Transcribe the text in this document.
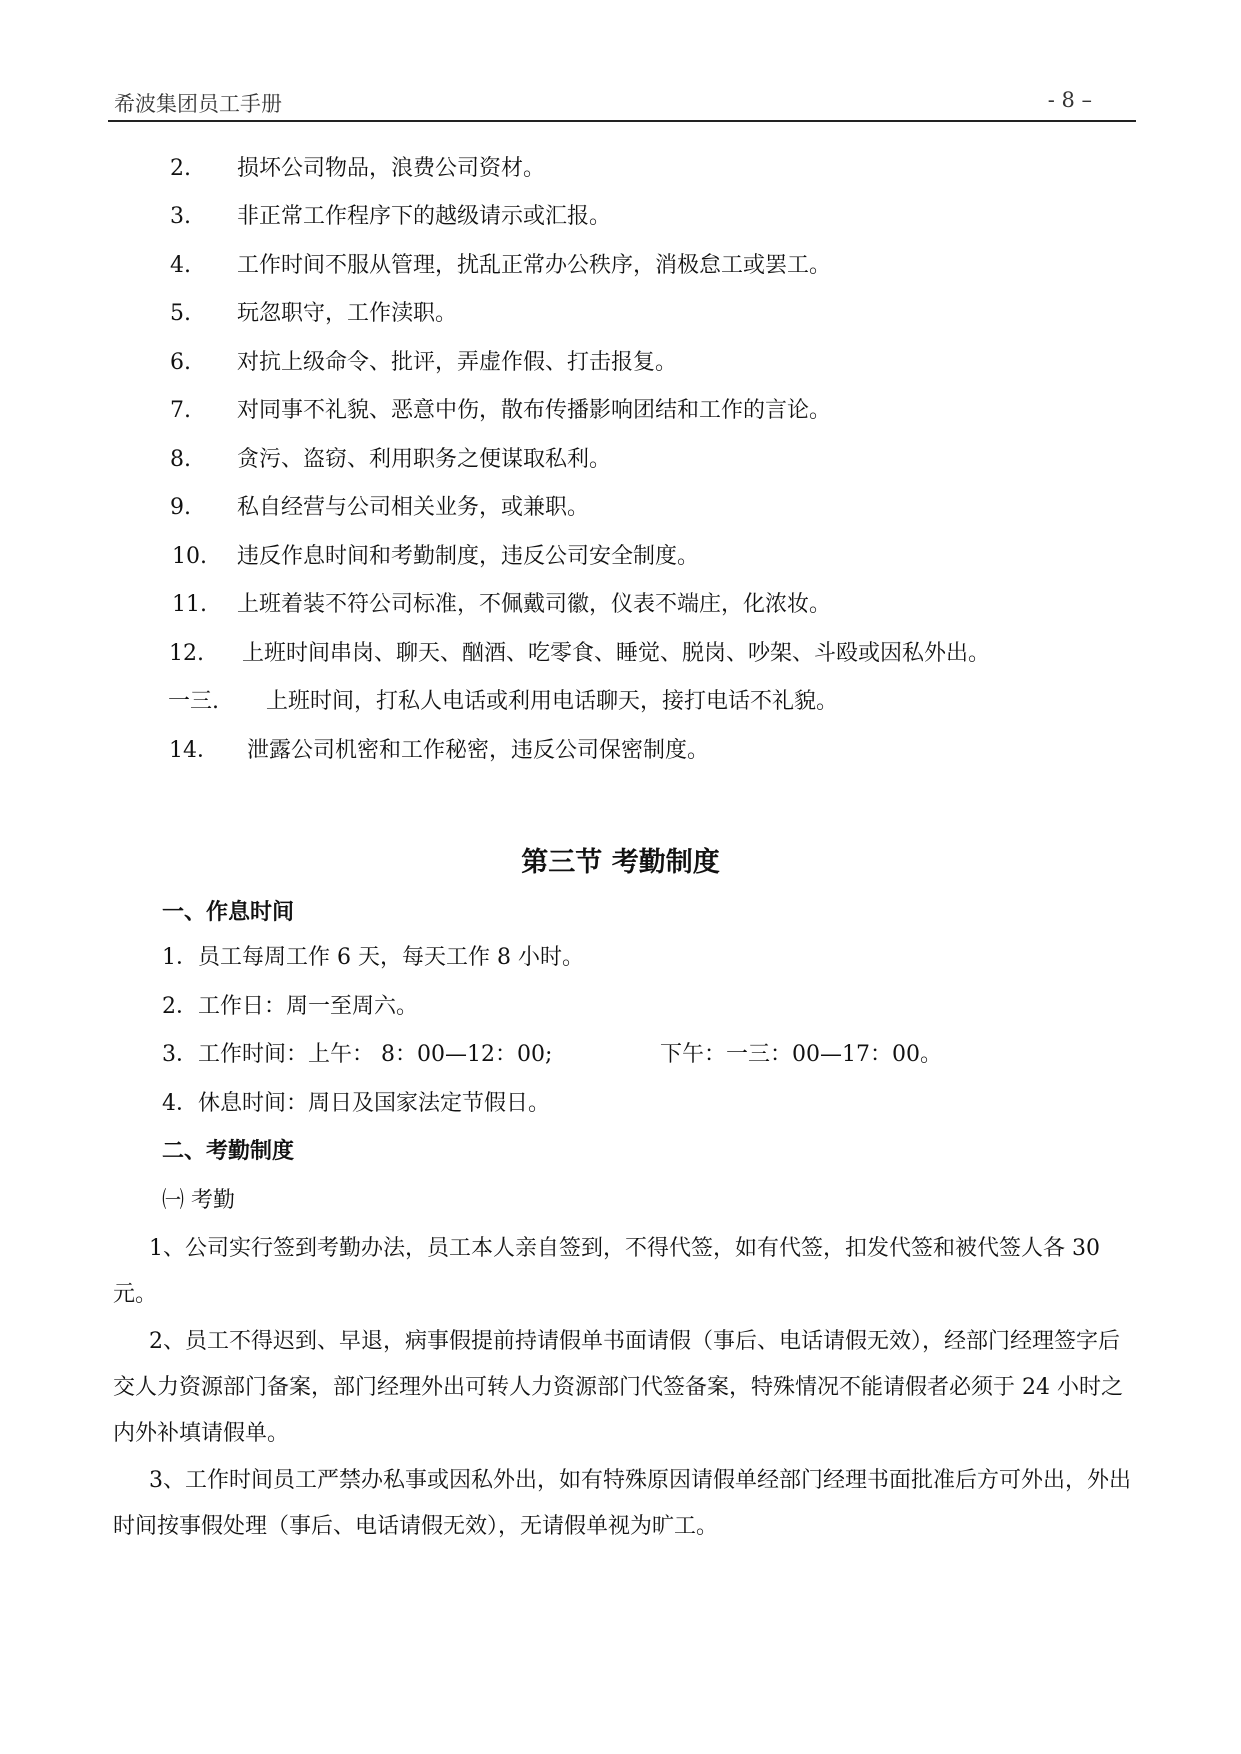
希波集团员工手册	- 8 –
2. 损坏公司物品，浪费公司资材。
3. 非正常工作程序下的越级请示或汇报。
4. 工作时间不服从管理，扰乱正常办公秩序，消极怠工或罢工。
5. 玩忽职守，工作渎职。
6. 对抗上级命令、批评，弄虚作假、打击报复。
7. 对同事不礼貌、恶意中伤，散布传播影响团结和工作的言论。
8. 贪污、盗窃、利用职务之便谋取私利。
9. 私自经营与公司相关业务，或兼职。
10. 违反作息时间和考勤制度，违反公司安全制度。
11. 上班着装不符公司标准，不佩戴司徽，仪表不端庄，化浓妆。
12. 上班时间串岗、聊天、酗酒、吃零食、睡觉、脱岗、吵架、斗殴或因私外出。
一三. 上班时间，打私人电话或利用电话聊天，接打电话不礼貌。
14． 泄露公司机密和工作秘密，违反公司保密制度。
第三节 考勤制度
一、作息时间
1．员工每周工作 6 天，每天工作 8 小时。
2．工作日：周一至周六。
3．工作时间：上午： 8：00—12：00;	下午：一三：00—17：00。
4．休息时间：周日及国家法定节假日。
二、考勤制度
㈠ 考勤
1、公司实行签到考勤办法，员工本人亲自签到，不得代签，如有代签，扣发代签和被代签人各 30 元。
2、员工不得迟到、早退，病事假提前持请假单书面请假（事后、电话请假无效），经部门经理签字后交人力资源部门备案，部门经理外出可转人力资源部门代签备案，特殊情况不能请假者必须于 24 小时之内外补填请假单。
3、工作时间员工严禁办私事或因私外出，如有特殊原因请假单经部门经理书面批准后方可外出，外出时间按事假处理（事后、电话请假无效），无请假单视为旷工。
